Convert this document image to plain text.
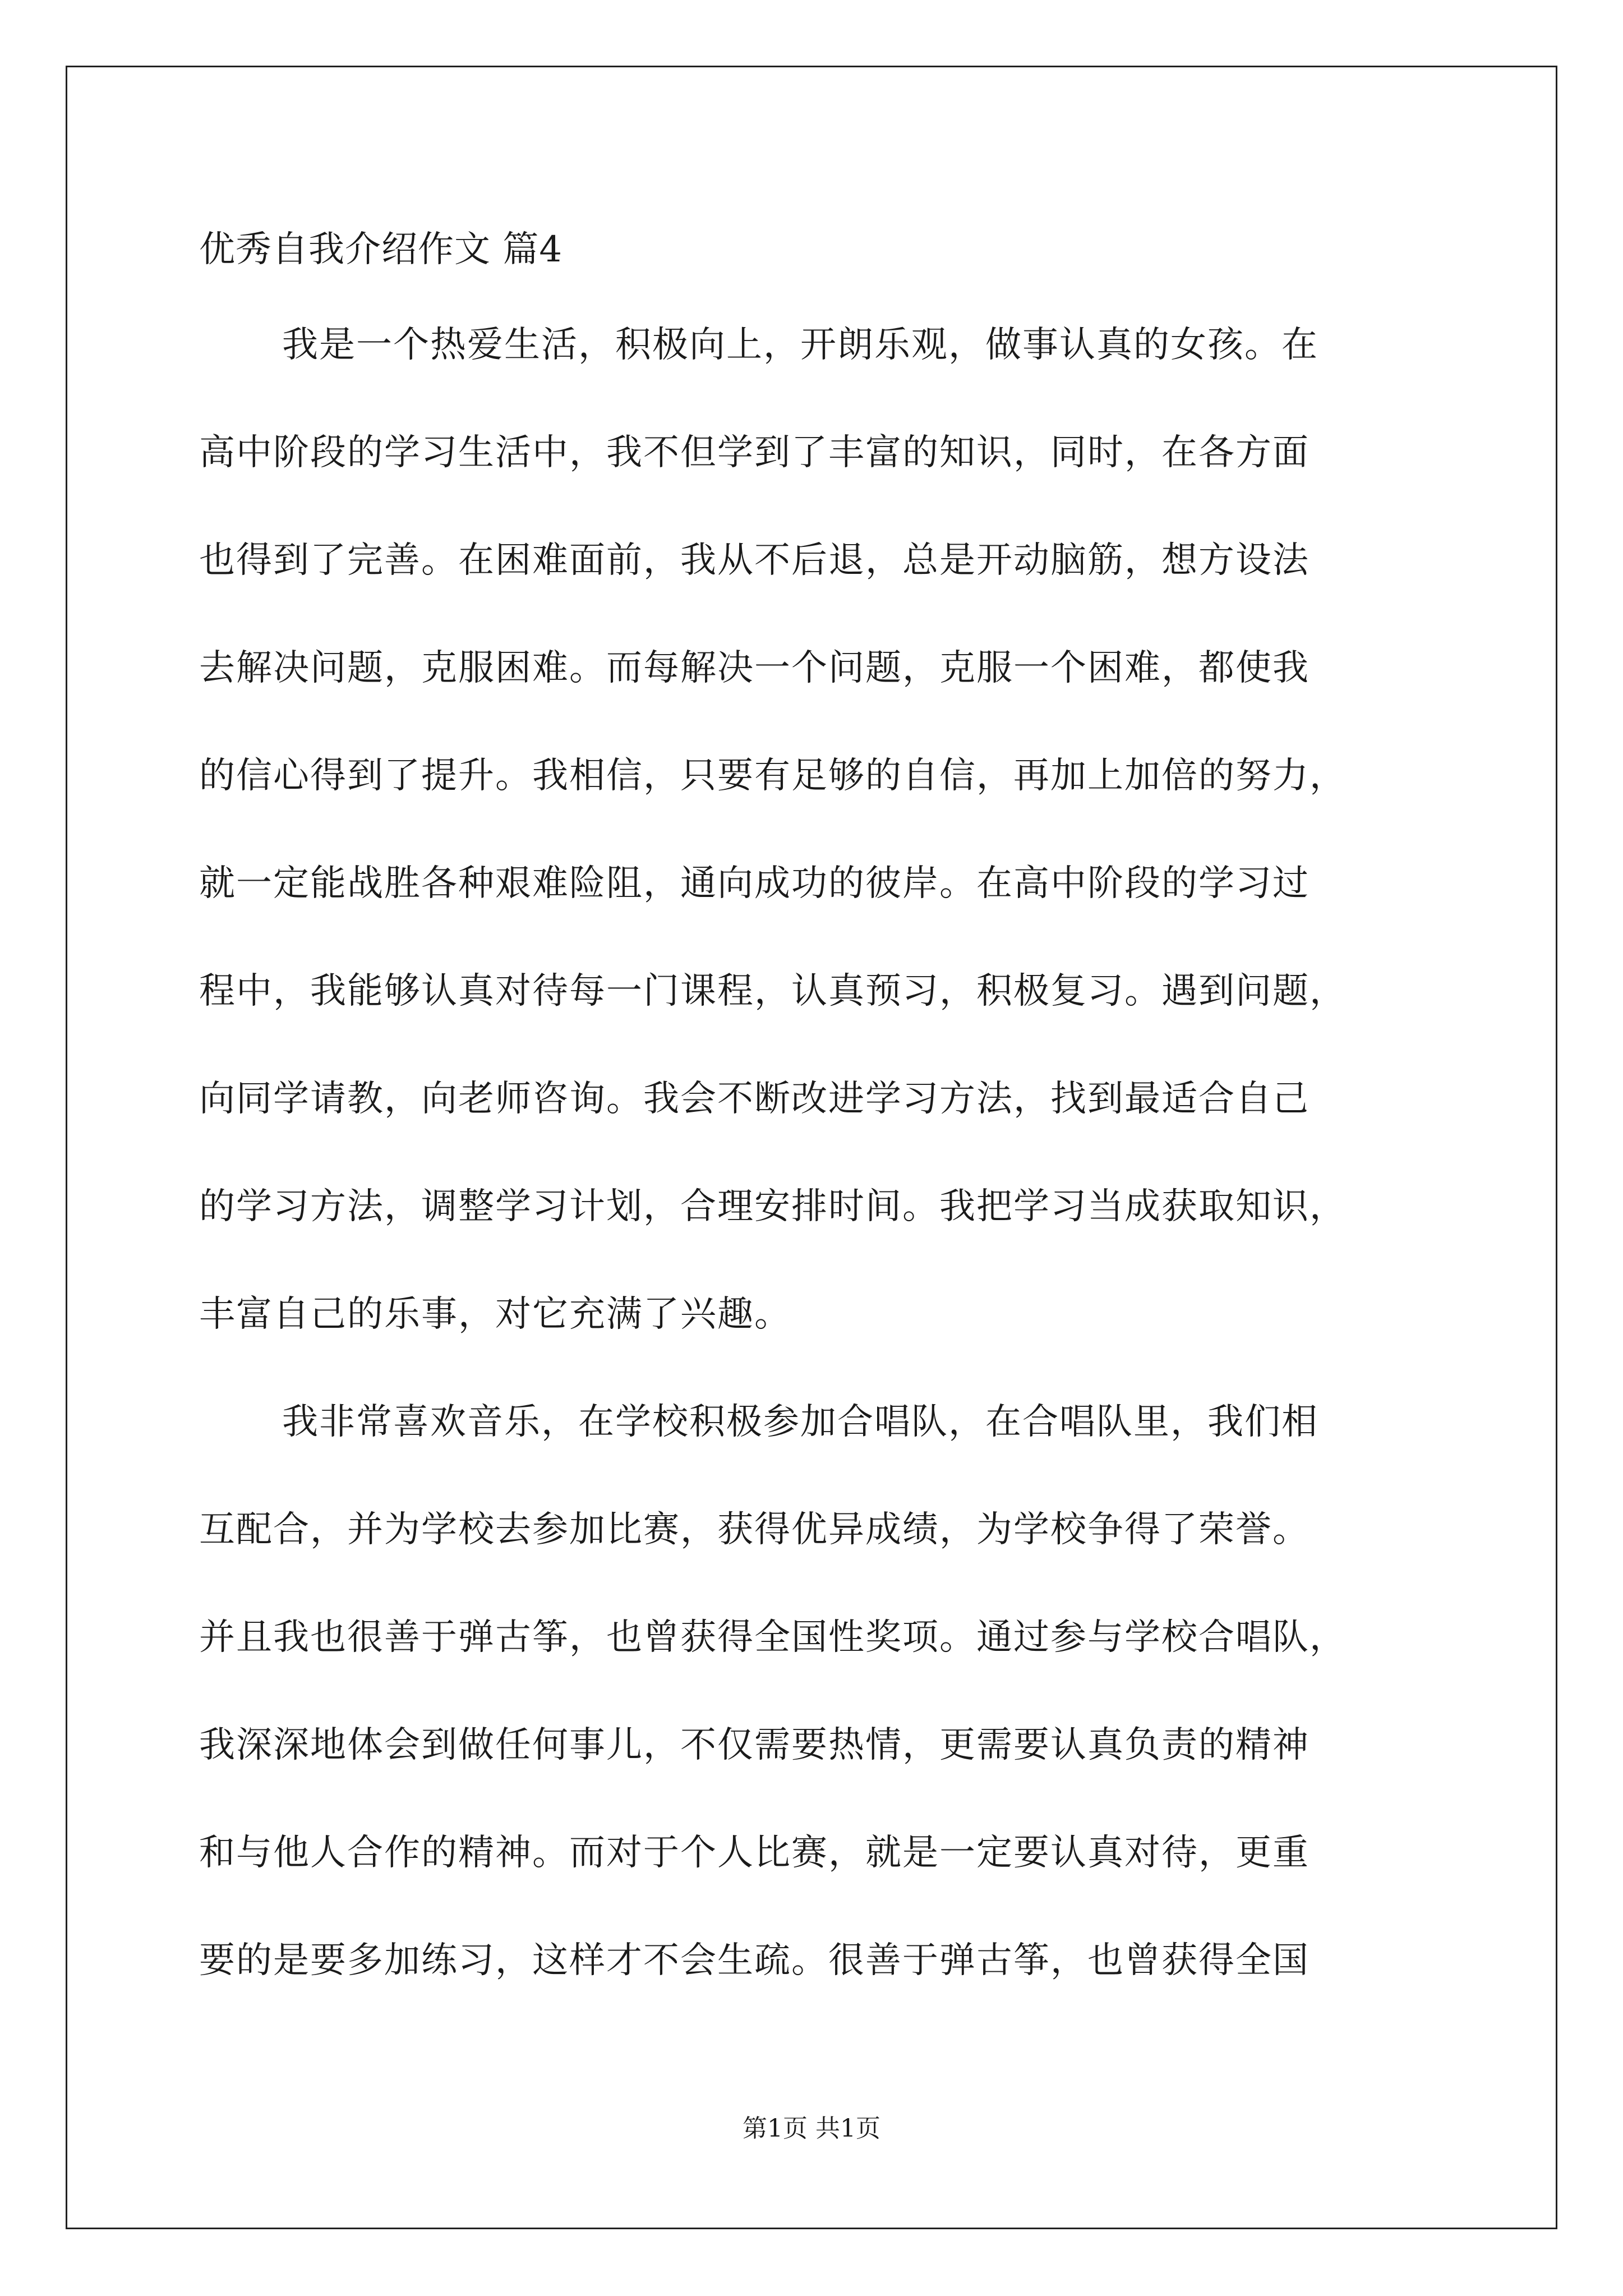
优秀自我介绍作文 篇4
我是一个热爱生活，积极向上，开朗乐观，做事认真的女孩。在
高中阶段的学习生活中，我不但学到了丰富的知识，同时，在各方面
也得到了完善。在困难面前，我从不后退，总是开动脑筋，想方设法
去解决问题，克服困难。而每解决一个问题，克服一个困难，都使我
的信心得到了提升。我相信，只要有足够的自信，再加上加倍的努力，
就一定能战胜各种艰难险阻，通向成功的彼岸。在高中阶段的学习过
程中，我能够认真对待每一门课程，认真预习，积极复习。遇到问题，
向同学请教，向老师咨询。我会不断改进学习方法，找到最适合自己
的学习方法，调整学习计划，合理安排时间。我把学习当成获取知识，
丰富自己的乐事，对它充满了兴趣。
我非常喜欢音乐，在学校积极参加合唱队，在合唱队里，我们相
互配合，并为学校去参加比赛，获得优异成绩，为学校争得了荣誉。
并且我也很善于弹古筝，也曾获得全国性奖项。通过参与学校合唱队，
我深深地体会到做任何事儿，不仅需要热情，更需要认真负责的精神
和与他人合作的精神。而对于个人比赛，就是一定要认真对待，更重
要的是要多加练习，这样才不会生疏。很善于弹古筝，也曾获得全国
第1页 共1页
